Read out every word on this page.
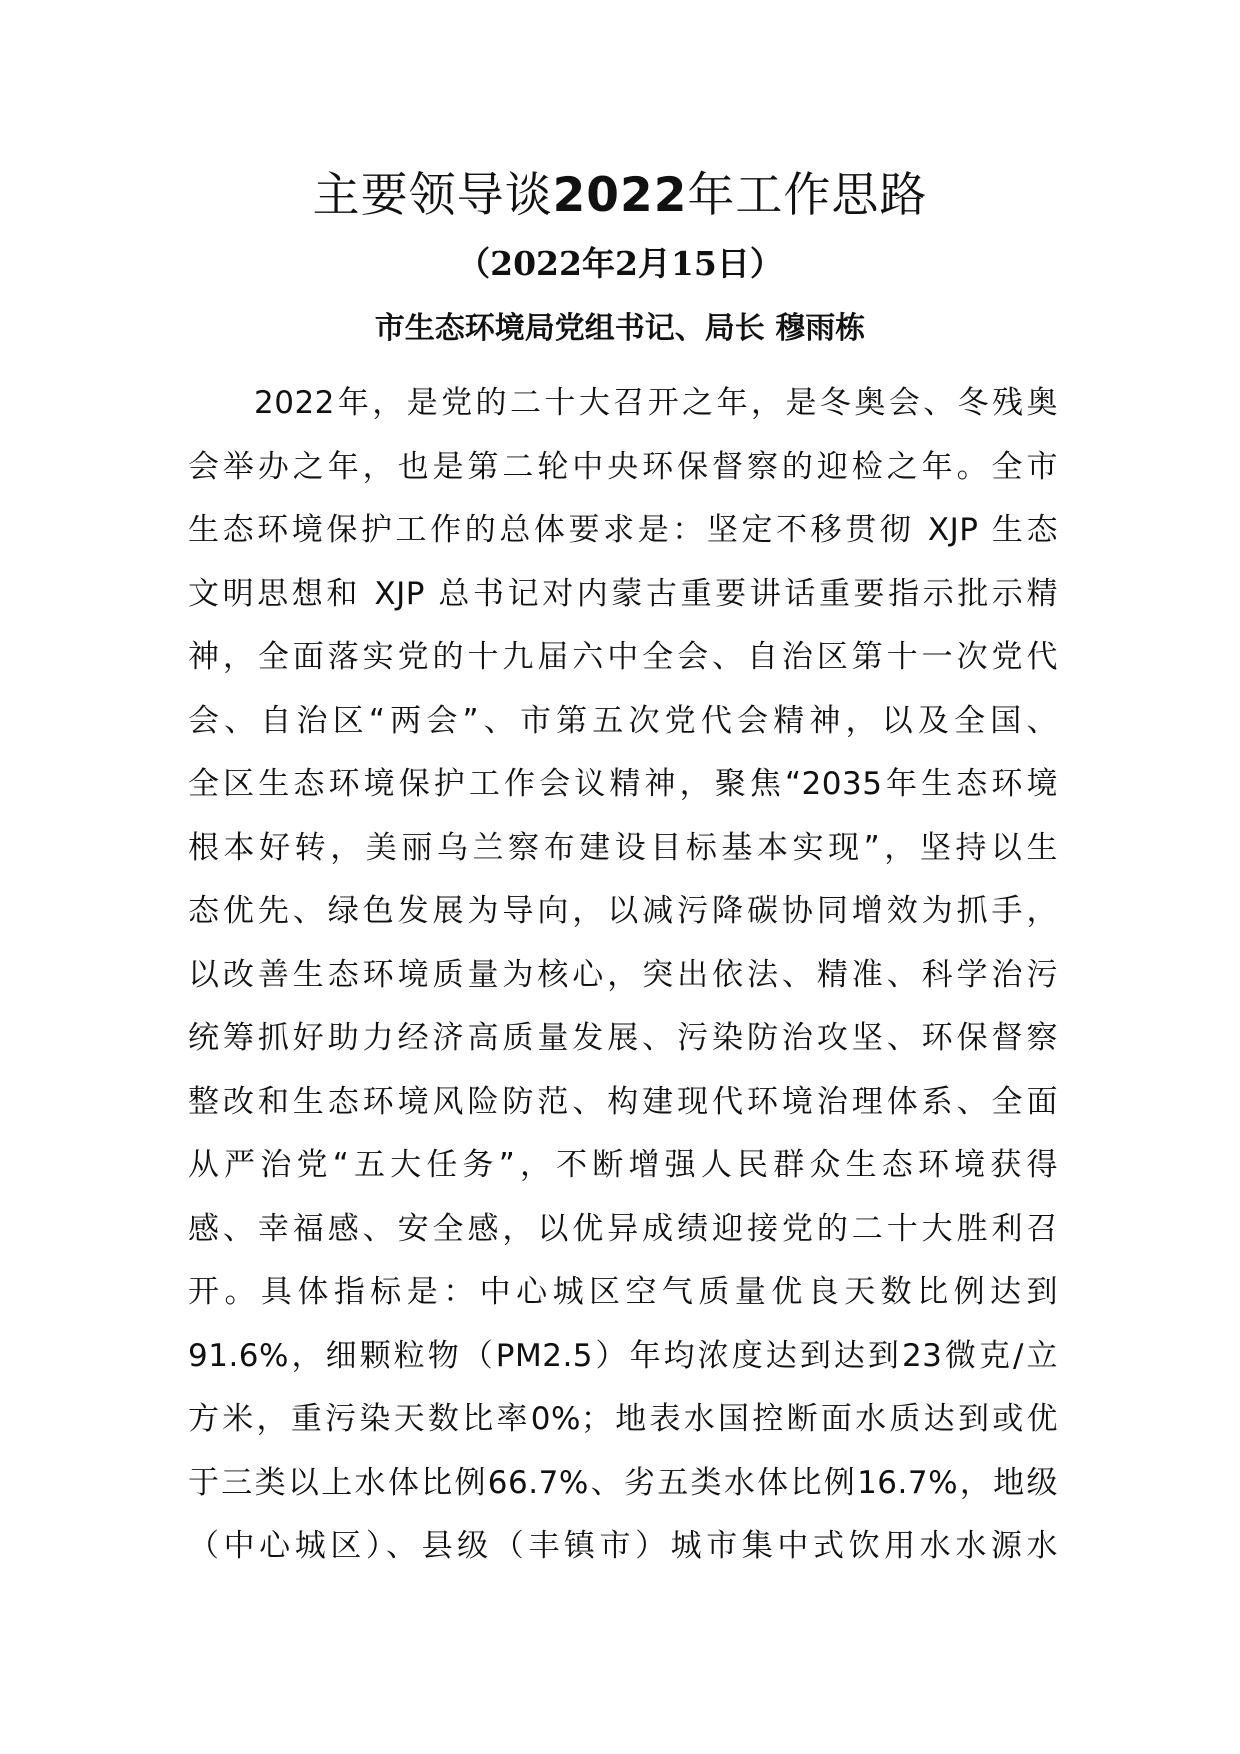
主要领导谈2022年工作思路
（2022年2月15日）
市生态环境局党组书记、局长 穆雨栋
2022年，是党的二十大召开之年，是冬奥会、冬残奥
会举办之年，也是第二轮中央环保督察的迎检之年。全市
生态环境保护工作的总体要求是：坚定不移贯彻 XJP 生态
文明思想和 XJP 总书记对内蒙古重要讲话重要指示批示精
神，全面落实党的十九届六中全会、自治区第十一次党代
会、自治区“两会”、市第五次党代会精神，以及全国、
全区生态环境保护工作会议精神，聚焦“2035年生态环境
根本好转，美丽乌兰察布建设目标基本实现”，坚持以生
态优先、绿色发展为导向，以减污降碳协同增效为抓手，
以改善生态环境质量为核心，突出依法、精准、科学治污
统筹抓好助力经济高质量发展、污染防治攻坚、环保督察
整改和生态环境风险防范、构建现代环境治理体系、全面
从严治党“五大任务”，不断增强人民群众生态环境获得
感、幸福感、安全感，以优异成绩迎接党的二十大胜利召
开。具体指标是：中心城区空气质量优良天数比例达到
91.6%，细颗粒物（PM2.5）年均浓度达到达到23微克/立
方米，重污染天数比率0%；地表水国控断面水质达到或优
于三类以上水体比例66.7%、劣五类水体比例16.7%，地级
（中心城区）、县级（丰镇市）城市集中式饮用水水源水
